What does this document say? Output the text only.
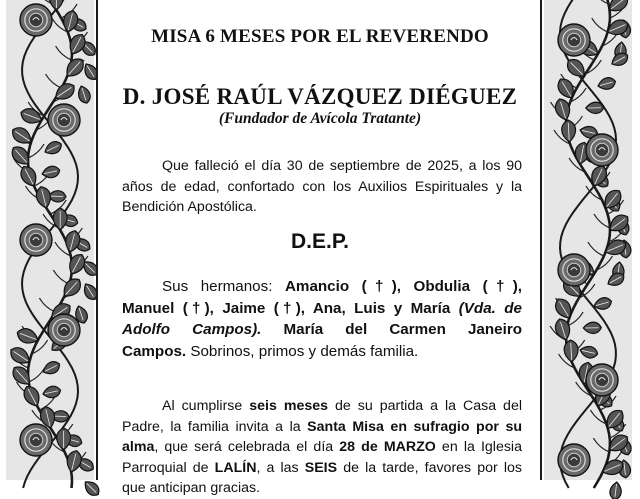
MISA 6 MESES POR EL REVERENDO
D. JOSÉ RAÚL VÁZQUEZ DIÉGUEZ
(Fundador de Avícola Tratante)
Que falleció el día 30 de septiembre de 2025, a los 90
años de edad, confortado con los Auxilios Espirituales y la
Bendición Apostólica.
D.E.P.
Sus hermanos: Amancio (†), Obdulia (†),
Manuel (†), Jaime (†), Ana, Luis y María (Vda. de
Adolfo Campos). María del Carmen Janeiro
Campos. Sobrinos, primos y demás familia.
Al cumplirse seis meses de su partida a la Casa del
Padre, la familia invita a la Santa Misa en sufragio por su
alma, que será celebrada el día 28 de MARZO en la Iglesia
Parroquial de LALÍN, a las SEIS de la tarde, favores por los
que anticipan gracias.
